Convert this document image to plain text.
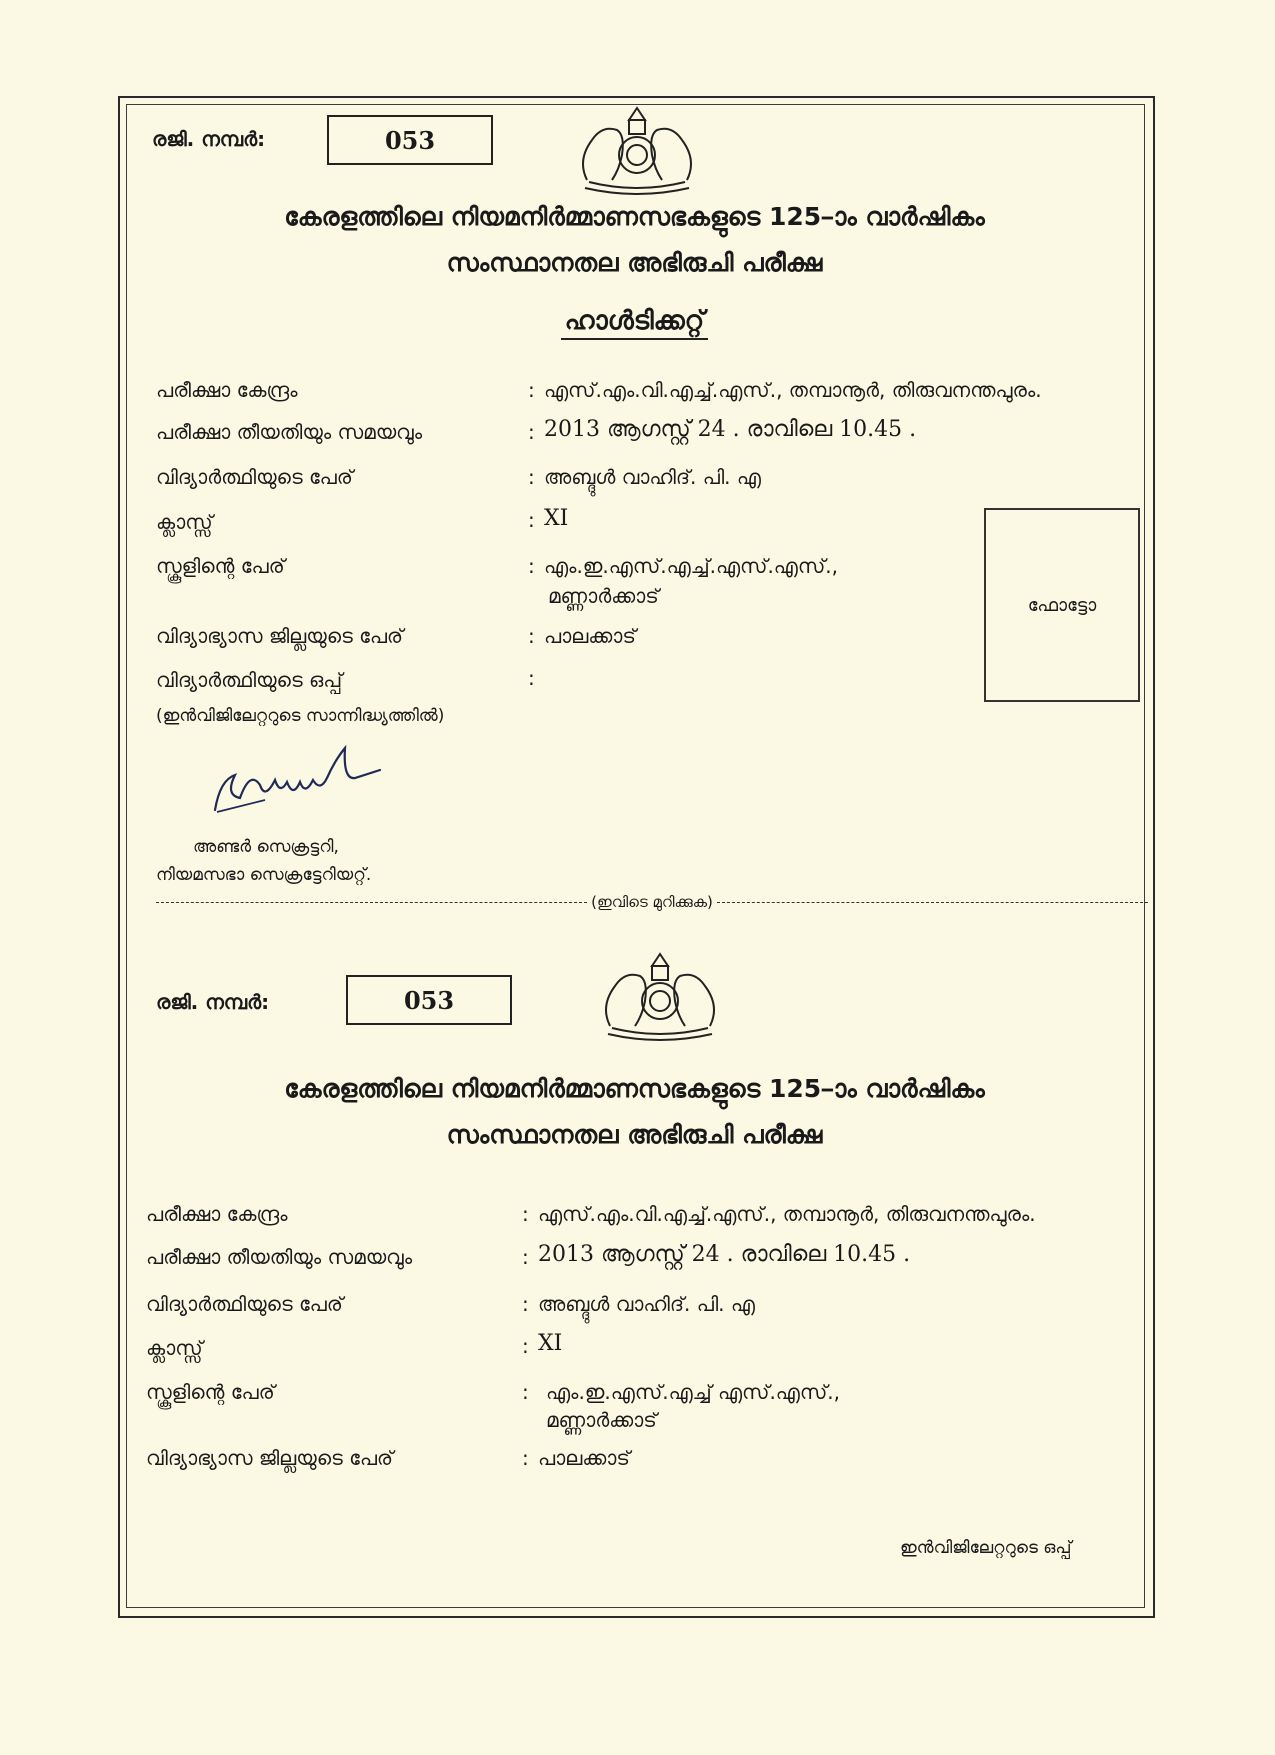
രജി. നമ്പർ:	053
കേരളത്തിലെ നിയമനിർമ്മാണസഭകളുടെ 125–ാം വാർഷികം
സംസ്ഥാനതല അഭിരുചി പരീക്ഷ
ഹാൾടിക്കറ്റ്
പരീക്ഷാ കേന്ദ്രം	: എസ്.എം.വി.എച്ച്.എസ്., തമ്പാനൂർ, തിരുവനന്തപുരം.
പരീക്ഷാ തീയതിയും സമയവും	: 2013 ആഗസ്റ്റ് 24 . രാവിലെ 10.45 .
വിദ്യാർത്ഥിയുടെ പേര്	: അബ്ദുൾ വാഹിദ്. പി. എ
ക്ലാസ്സ്	: XI
സ്കൂളിന്റെ പേര്	: എം.ഇ.എസ്.എച്ച്.എസ്.എസ്.,
മണ്ണാർക്കാട്
വിദ്യാഭ്യാസ ജില്ലയുടെ പേര്	: പാലക്കാട്
വിദ്യാർത്ഥിയുടെ ഒപ്പ്	:
(ഇൻവിജിലേറ്ററുടെ സാന്നിദ്ധ്യത്തിൽ)
ഫോട്ടോ
അണ്ടർ സെക്രട്ടറി,
നിയമസഭാ സെക്രട്ടേറിയറ്റ്.
(ഇവിടെ മുറിക്കുക)
രജി. നമ്പർ:	053
കേരളത്തിലെ നിയമനിർമ്മാണസഭകളുടെ 125–ാം വാർഷികം
സംസ്ഥാനതല അഭിരുചി പരീക്ഷ
പരീക്ഷാ കേന്ദ്രം	: എസ്.എം.വി.എച്ച്.എസ്., തമ്പാനൂർ, തിരുവനന്തപുരം.
പരീക്ഷാ തീയതിയും സമയവും	: 2013 ആഗസ്റ്റ് 24 . രാവിലെ 10.45 .
വിദ്യാർത്ഥിയുടെ പേര്	: അബ്ദുൾ വാഹിദ്. പി. എ
ക്ലാസ്സ്	: XI
സ്കൂളിന്റെ പേര്	: എം.ഇ.എസ്.എച്ച് എസ്.എസ്.,
മണ്ണാർക്കാട്
വിദ്യാഭ്യാസ ജില്ലയുടെ പേര്	: പാലക്കാട്
ഇൻവിജിലേറ്ററുടെ ഒപ്പ്
